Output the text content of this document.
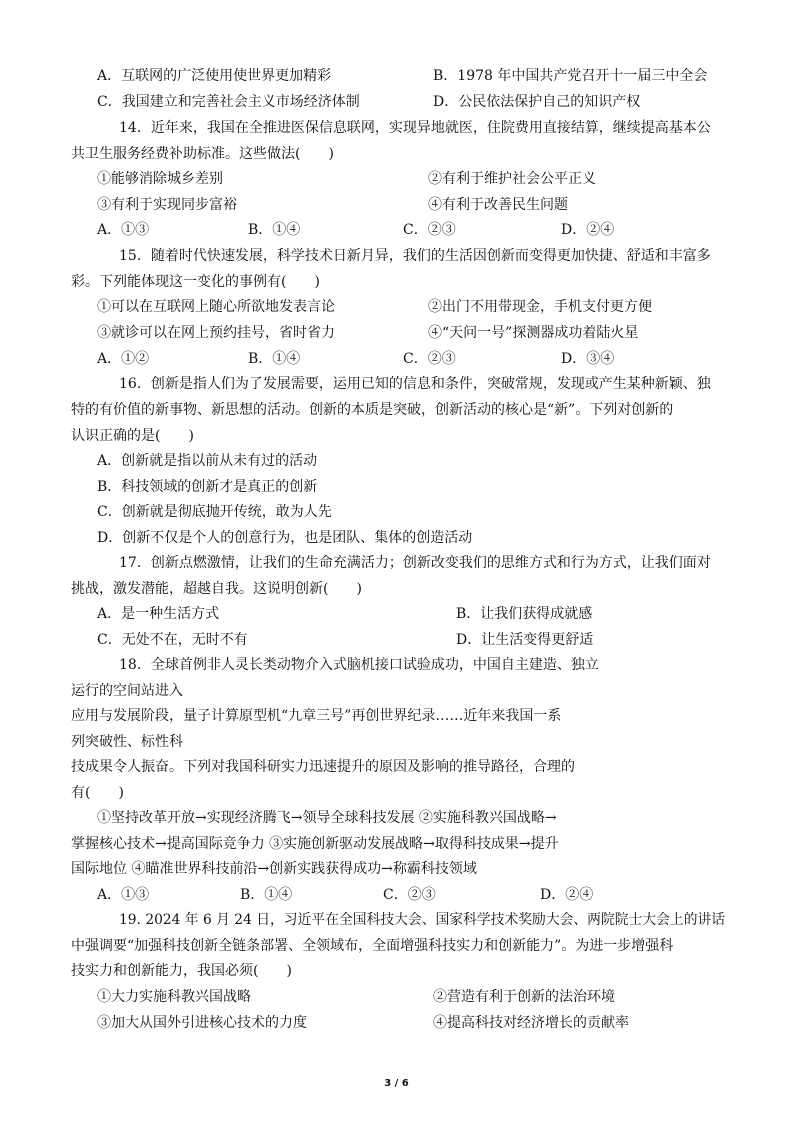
A．互联网的广泛使用使世界更加精彩	B．1978 年中国共产党召开十一届三中全会
C．我国建立和完善社会主义市场经济体制	D．公民依法保护自己的知识产权
14．近年来，我国在全推进医保信息联网，实现异地就医，住院费用直接结算，继续提高基本公
共卫生服务经费补助标准。这些做法(　　)
①能够消除城乡差别	②有利于维护社会公平正义
③有利于实现同步富裕	④有利于改善民生问题
A．①③	B．①④	C．②③	D．②④
15．随着时代快速发展，科学技术日新月异，我们的生活因创新而变得更加快捷、舒适和丰富多
彩。下列能体现这一变化的事例有(　　)
①可以在互联网上随心所欲地发表言论	②出门不用带现金，手机支付更方便
③就诊可以在网上预约挂号，省时省力	④“天问一号”探测器成功着陆火星
A．①②	B．①④	C．②③	D．③④
16．创新是指人们为了发展需要，运用已知的信息和条件，突破常规，发现或产生某种新颖、独
特的有价值的新事物、新思想的活动。创新的本质是突破，创新活动的核心是“新”。下列对创新的
认识正确的是(　　)
A．创新就是指以前从未有过的活动
B．科技领域的创新才是真正的创新
C．创新就是彻底抛开传统，敢为人先
D．创新不仅是个人的创意行为，也是团队、集体的创造活动
17．创新点燃激情，让我们的生命充满活力；创新改变我们的思维方式和行为方式，让我们面对
挑战，激发潜能，超越自我。这说明创新(　　)
A．是一种生活方式	B．让我们获得成就感
C．无处不在，无时不有	D．让生活变得更舒适
18．全球首例非人灵长类动物介入式脑机接口试验成功，中国自主建造、独立
运行的空间站进入
应用与发展阶段，量子计算原型机“九章三号”再创世界纪录……近年来我国一系
列突破性、标性科
技成果令人振奋。下列对我国科研实力迅速提升的原因及影响的推导路径，合理的
有(　　)
①坚持改革开放→实现经济腾飞→领导全球科技发展 ②实施科教兴国战略→
掌握核心技术→提高国际竞争力 ③实施创新驱动发展战略→取得科技成果→提升
国际地位 ④瞄准世界科技前沿→创新实践获得成功→称霸科技领域
A．①③	B．①④	C．②③	D．②④
19. 2024 年 6 月 24 日，习近平在全国科技大会、国家科学技术奖励大会、两院院士大会上的讲话
中强调要“加强科技创新全链条部署、全领域布，全面增强科技实力和创新能力”。为进一步增强科
技实力和创新能力，我国必须(　　)
①大力实施科教兴国战略	②营造有利于创新的法治环境
③加大从国外引进核心技术的力度	④提高科技对经济增长的贡献率
3 / 6
